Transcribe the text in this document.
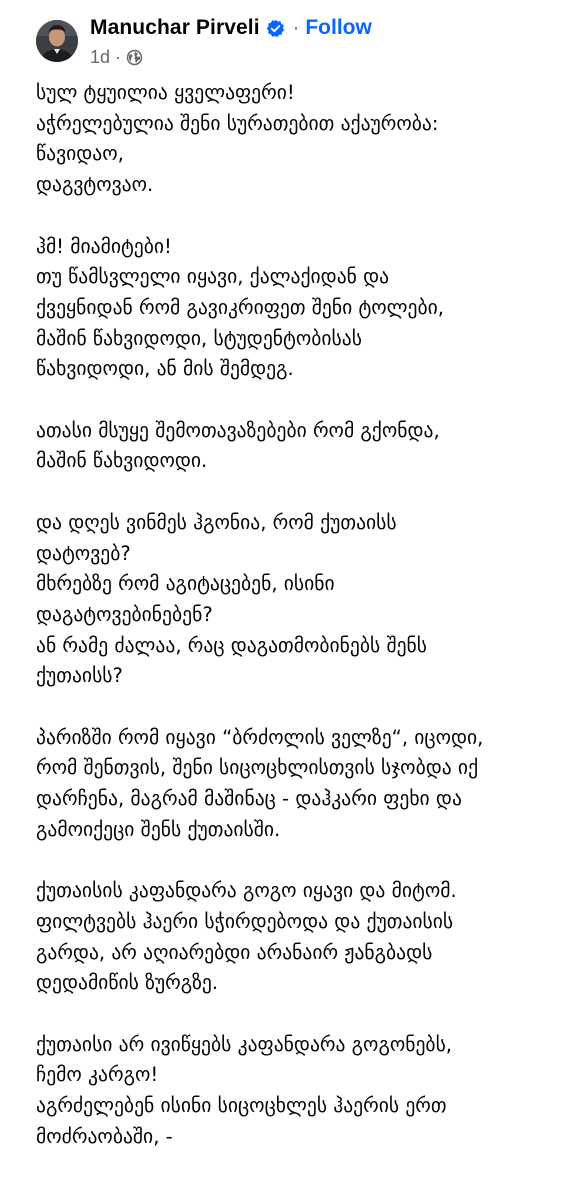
Manuchar Pirveli · Follow
1d ·
სულ ტყუილია ყველაფერი!
აჭრელებულია შენი სურათებით აქაურობა:
წავიდაო,
დაგვტოვაო.
ჰმ! მიამიტები!
თუ წამსვლელი იყავი, ქალაქიდან და
ქვეყნიდან რომ გავიკრიფეთ შენი ტოლები,
მაშინ წახვიდოდი, სტუდენტობისას
წახვიდოდი, ან მის შემდეგ.
ათასი მსუყე შემოთავაზებები რომ გქონდა,
მაშინ წახვიდოდი.
და დღეს ვინმეს ჰგონია, რომ ქუთაისს
დატოვებ?
მხრებზე რომ აგიტაცებენ, ისინი
დაგატოვებინებენ?
ან რამე ძალაა, რაც დაგათმობინებს შენს
ქუთაისს?
პარიზში რომ იყავი “ბრძოლის ველზე“, იცოდი,
რომ შენთვის, შენი სიცოცხლისთვის სჯობდა იქ
დარჩენა, მაგრამ მაშინაც - დაჰკარი ფეხი და
გამოიქეცი შენს ქუთაისში.
ქუთაისის კაფანდარა გოგო იყავი და მიტომ.
ფილტვებს ჰაერი სჭირდებოდა და ქუთაისის
გარდა, არ აღიარებდი არანაირ ჟანგბადს
დედამიწის ზურგზე.
ქუთაისი არ ივიწყებს კაფანდარა გოგონებს,
ჩემო კარგო!
აგრძელებენ ისინი სიცოცხლეს ჰაერის ერთ
მოძრაობაში, -
